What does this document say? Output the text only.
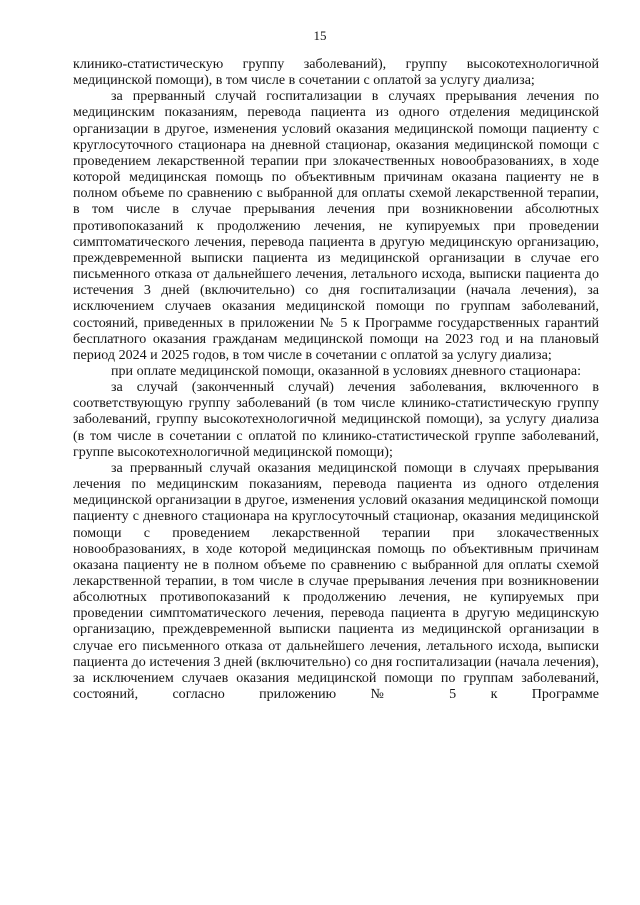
15

клинико-статистическую группу заболеваний), группу высокотехнологичной медицинской помощи), в том числе в сочетании с оплатой за услугу диализа;

за прерванный случай госпитализации в случаях прерывания лечения по медицинским показаниям, перевода пациента из одного отделения медицинской организации в другое, изменения условий оказания медицинской помощи пациенту с круглосуточного стационара на дневной стационар, оказания медицинской помощи с проведением лекарственной терапии при злокачественных новообразованиях, в ходе которой медицинская помощь по объективным причинам оказана пациенту не в полном объеме по сравнению с выбранной для оплаты схемой лекарственной терапии, в том числе в случае прерывания лечения при возникновении абсолютных противопоказаний к продолжению лечения, не купируемых при проведении симптоматического лечения, перевода пациента в другую медицинскую организацию, преждевременной выписки пациента из медицинской организации в случае его письменного отказа от дальнейшего лечения, летального исхода, выписки пациента до истечения 3 дней (включительно) со дня госпитализации (начала лечения), за исключением случаев оказания медицинской помощи по группам заболеваний, состояний, приведенных в приложении № 5 к Программе государственных гарантий бесплатного оказания гражданам медицинской помощи на 2023 год и на плановый период 2024 и 2025 годов, в том числе в сочетании с оплатой за услугу диализа;

при оплате медицинской помощи, оказанной в условиях дневного стационара:

за случай (законченный случай) лечения заболевания, включенного в соответствующую группу заболеваний (в том числе клинико-статистическую группу заболеваний, группу высокотехнологичной медицинской помощи), за услугу диализа (в том числе в сочетании с оплатой по клинико-статистической группе заболеваний, группе высокотехнологичной медицинской помощи);

за прерванный случай оказания медицинской помощи в случаях прерывания лечения по медицинским показаниям, перевода пациента из одного отделения медицинской организации в другое, изменения условий оказания медицинской помощи пациенту с дневного стационара на круглосуточный стационар, оказания медицинской помощи с проведением лекарственной терапии при злокачественных новообразованиях, в ходе которой медицинская помощь по объективным причинам оказана пациенту не в полном объеме по сравнению с выбранной для оплаты схемой лекарственной терапии, в том числе в случае прерывания лечения при возникновении абсолютных противопоказаний к продолжению лечения, не купируемых при проведении симптоматического лечения, перевода пациента в другую медицинскую организацию, преждевременной выписки пациента из медицинской организации в случае его письменного отказа от дальнейшего лечения, летального исхода, выписки пациента до истечения 3 дней (включительно) со дня госпитализации (начала лечения), за исключением случаев оказания медицинской помощи по группам заболеваний, состояний, согласно приложению № 5 к Программе
